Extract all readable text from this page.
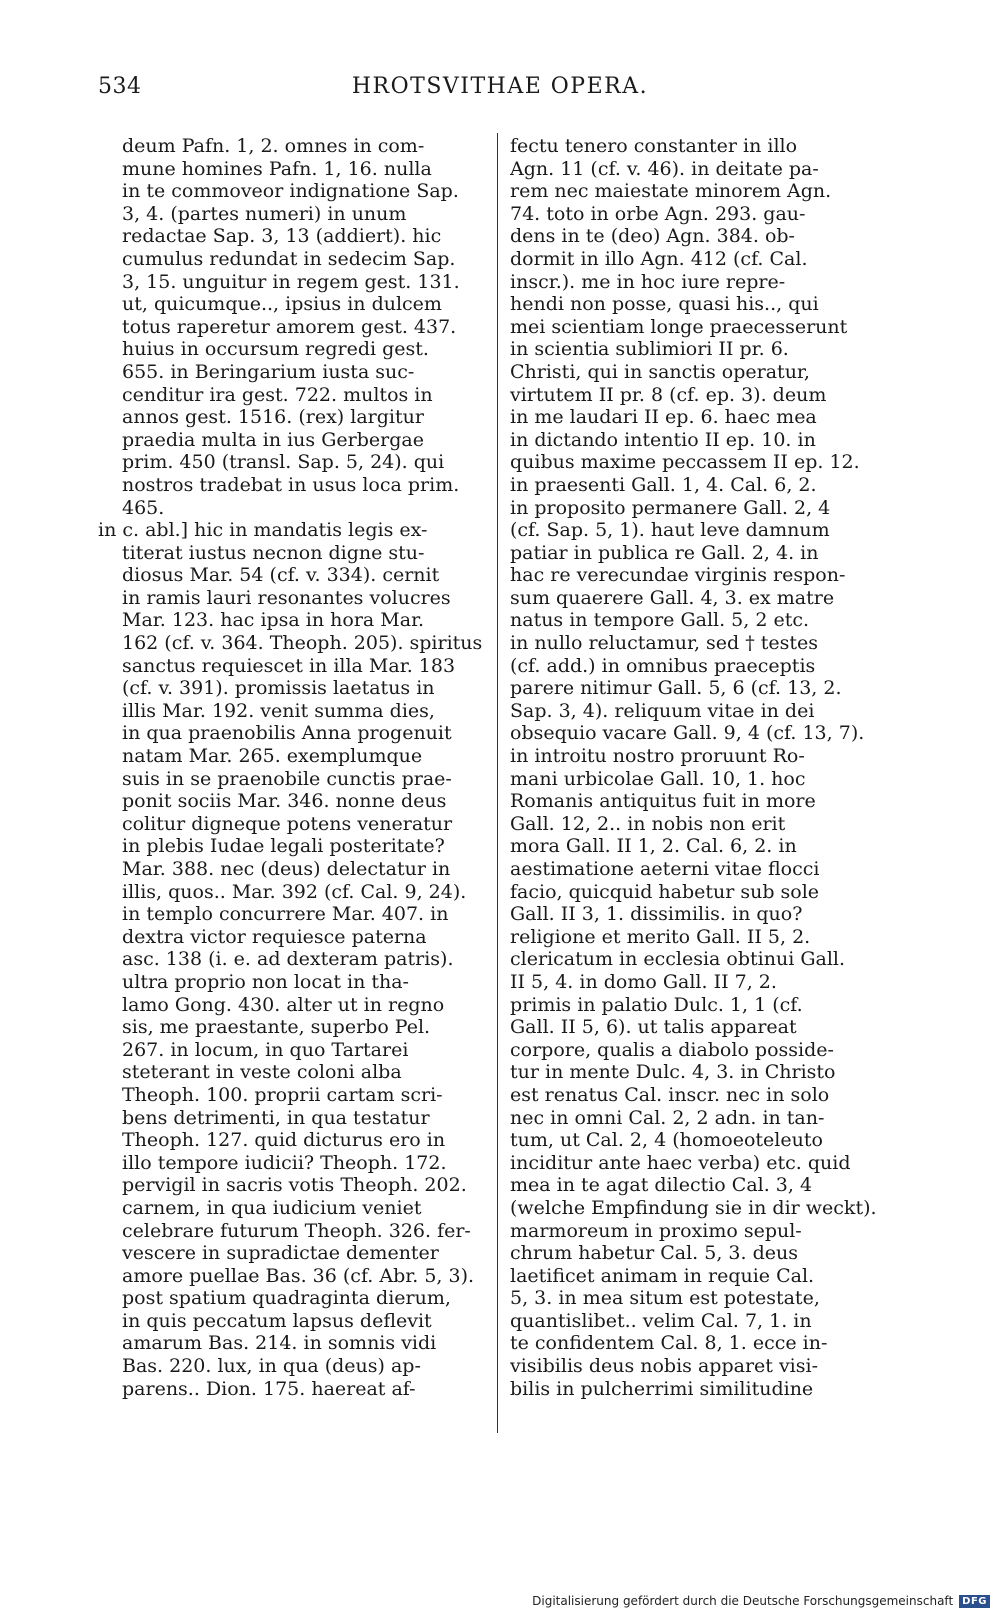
534	HROTSVITHAE OPERA.
deum Pafn. 1, 2. omnes in com-
mune homines Pafn. 1, 16. nulla
in te commoveor indignatione Sap.
3, 4. (partes numeri) in unum
redactae Sap. 3, 13 (addiert). hic
cumulus redundat in sedecim Sap.
3, 15. unguitur in regem gest. 131.
ut, quicumque.., ipsius in dulcem
totus raperetur amorem gest. 437.
huius in occursum regredi gest.
655. in Beringarium iusta suc-
cenditur ira gest. 722. multos in
annos gest. 1516. (rex) largitur
praedia multa in ius Gerbergae
prim. 450 (transl. Sap. 5, 24). qui
nostros tradebat in usus loca prim.
465.
in c. abl.] hic in mandatis legis ex-
titerat iustus necnon digne stu-
diosus Mar. 54 (cf. v. 334). cernit
in ramis lauri resonantes volucres
Mar. 123. hac ipsa in hora Mar.
162 (cf. v. 364. Theoph. 205). spiritus
sanctus requiescet in illa Mar. 183
(cf. v. 391). promissis laetatus in
illis Mar. 192. venit summa dies,
in qua praenobilis Anna progenuit
natam Mar. 265. exemplumque
suis in se praenobile cunctis prae-
ponit sociis Mar. 346. nonne deus
colitur digneque potens veneratur
in plebis Iudae legali posteritate?
Mar. 388. nec (deus) delectatur in
illis, quos.. Mar. 392 (cf. Cal. 9, 24).
in templo concurrere Mar. 407. in
dextra victor requiesce paterna
asc. 138 (i. e. ad dexteram patris).
ultra proprio non locat in tha-
lamo Gong. 430. alter ut in regno
sis, me praestante, superbo Pel.
267. in locum, in quo Tartarei
steterant in veste coloni alba
Theoph. 100. proprii cartam scri-
bens detrimenti, in qua testatur
Theoph. 127. quid dicturus ero in
illo tempore iudicii? Theoph. 172.
pervigil in sacris votis Theoph. 202.
carnem, in qua iudicium veniet
celebrare futurum Theoph. 326. fer-
vescere in supradictae dementer
amore puellae Bas. 36 (cf. Abr. 5, 3).
post spatium quadraginta dierum,
in quis peccatum lapsus deflevit
amarum Bas. 214. in somnis vidi
Bas. 220. lux, in qua (deus) ap-
parens.. Dion. 175. haereat af-
fectu tenero constanter in illo
Agn. 11 (cf. v. 46). in deitate pa-
rem nec maiestate minorem Agn.
74. toto in orbe Agn. 293. gau-
dens in te (deo) Agn. 384. ob-
dormit in illo Agn. 412 (cf. Cal.
inscr.). me in hoc iure repre-
hendi non posse, quasi his.., qui
mei scientiam longe praecesserunt
in scientia sublimiori II pr. 6.
Christi, qui in sanctis operatur,
virtutem II pr. 8 (cf. ep. 3). deum
in me laudari II ep. 6. haec mea
in dictando intentio II ep. 10. in
quibus maxime peccassem II ep. 12.
in praesenti Gall. 1, 4. Cal. 6, 2.
in proposito permanere Gall. 2, 4
(cf. Sap. 5, 1). haut leve damnum
patiar in publica re Gall. 2, 4. in
hac re verecundae virginis respon-
sum quaerere Gall. 4, 3. ex matre
natus in tempore Gall. 5, 2 etc.
in nullo reluctamur, sed † testes
(cf. add.) in omnibus praeceptis
parere nitimur Gall. 5, 6 (cf. 13, 2.
Sap. 3, 4). reliquum vitae in dei
obsequio vacare Gall. 9, 4 (cf. 13, 7).
in introitu nostro proruunt Ro-
mani urbicolae Gall. 10, 1. hoc
Romanis antiquitus fuit in more
Gall. 12, 2.. in nobis non erit
mora Gall. II 1, 2. Cal. 6, 2. in
aestimatione aeterni vitae flocci
facio, quicquid habetur sub sole
Gall. II 3, 1. dissimilis. in quo?
religione et merito Gall. II 5, 2.
clericatum in ecclesia obtinui Gall.
II 5, 4. in domo Gall. II 7, 2.
primis in palatio Dulc. 1, 1 (cf.
Gall. II 5, 6). ut talis appareat
corpore, qualis a diabolo posside-
tur in mente Dulc. 4, 3. in Christo
est renatus Cal. inscr. nec in solo
nec in omni Cal. 2, 2 adn. in tan-
tum, ut Cal. 2, 4 (homoeoteleuto
inciditur ante haec verba) etc. quid
mea in te agat dilectio Cal. 3, 4
(welche Empfindung sie in dir weckt).
marmoreum in proximo sepul-
chrum habetur Cal. 5, 3. deus
laetificet animam in requie Cal.
5, 3. in mea situm est potestate,
quantislibet.. velim Cal. 7, 1. in
te confidentem Cal. 8, 1. ecce in-
visibilis deus nobis apparet visi-
bilis in pulcherrimi similitudine
Digitalisierung gefördert durch die Deutsche Forschungsgemeinschaft DFG
